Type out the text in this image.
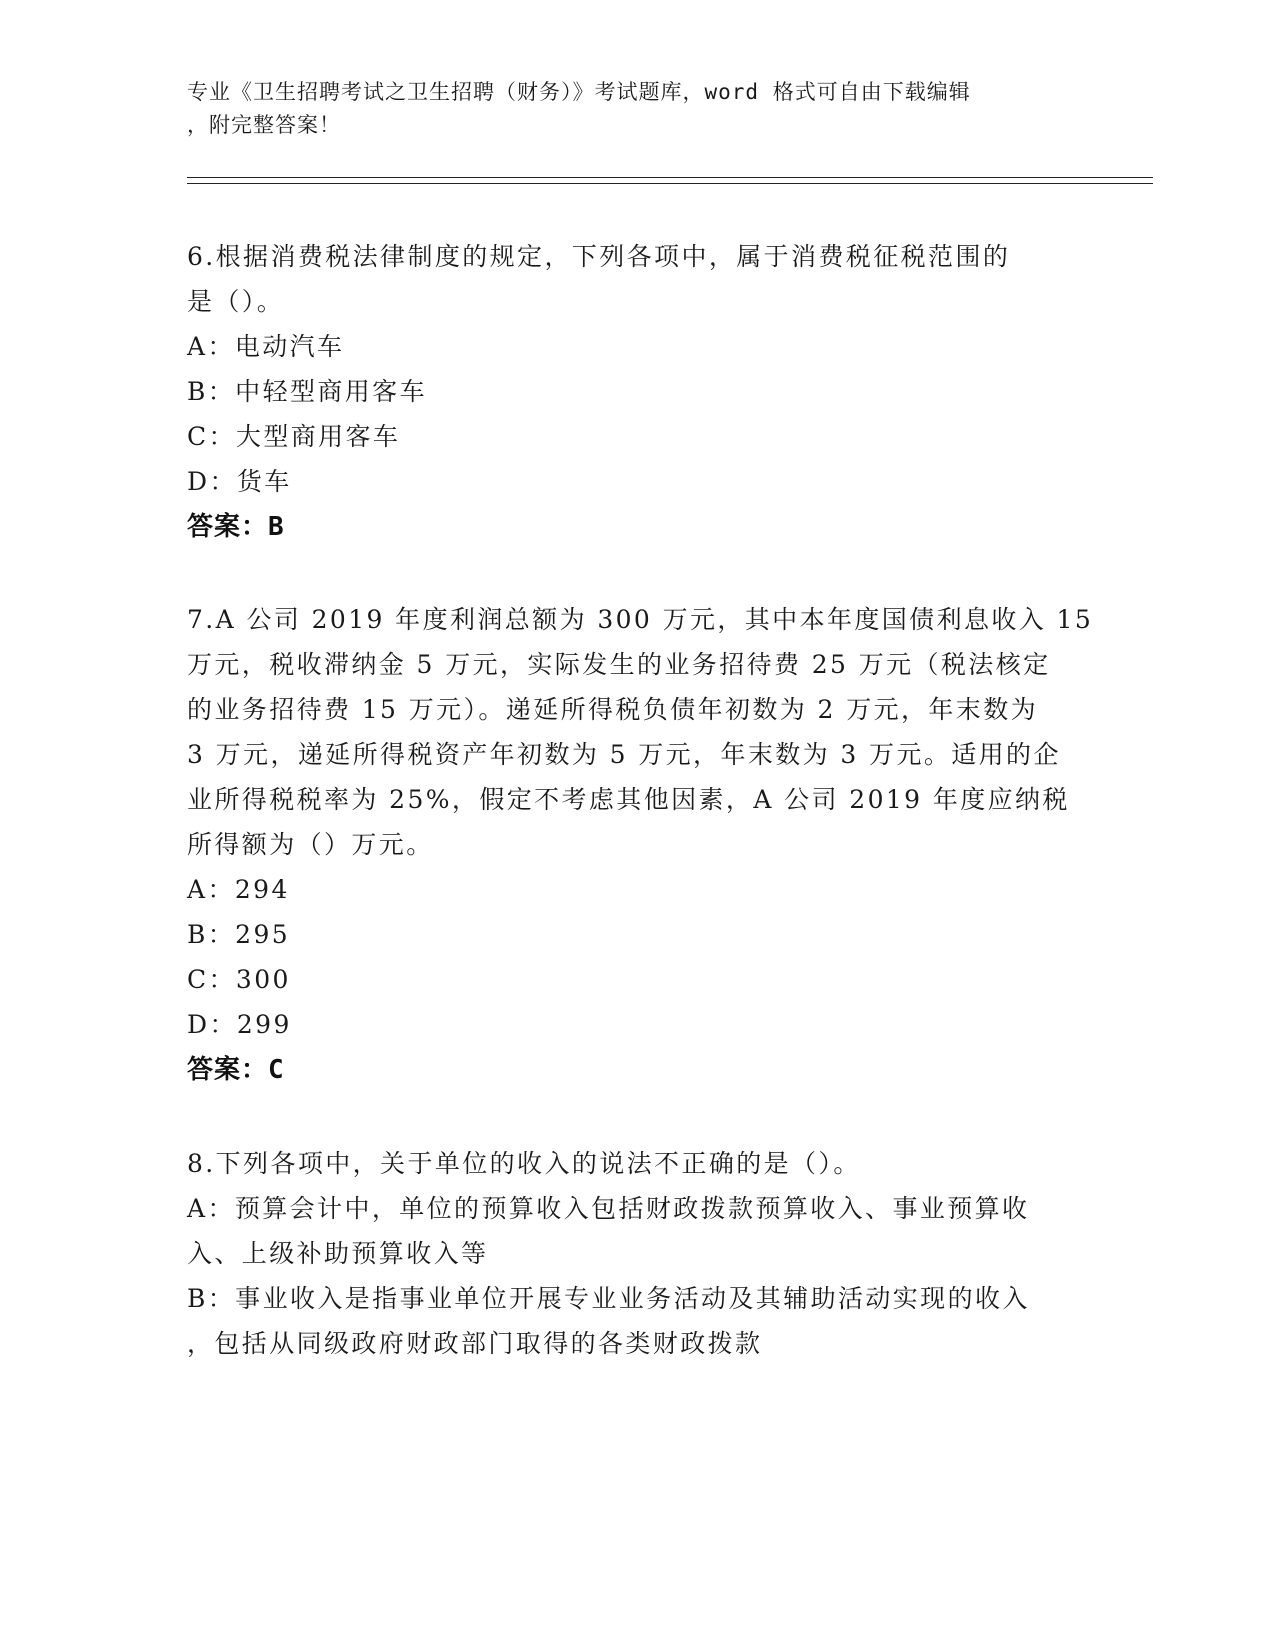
专业《卫生招聘考试之卫生招聘（财务）》考试题库，word 格式可自由下载编辑
，附完整答案！
6.根据消费税法律制度的规定，下列各项中，属于消费税征税范围的
是（）。
A：电动汽车
B：中轻型商用客车
C：大型商用客车
D：货车
答案：B
7.A 公司 2019 年度利润总额为 300 万元，其中本年度国债利息收入 15
万元，税收滞纳金 5 万元，实际发生的业务招待费 25 万元（税法核定
的业务招待费 15 万元）。递延所得税负债年初数为 2 万元，年末数为
3 万元，递延所得税资产年初数为 5 万元，年末数为 3 万元。适用的企
业所得税税率为 25%，假定不考虑其他因素，A 公司 2019 年度应纳税
所得额为（）万元。
A：294
B：295
C：300
D：299
答案：C
8.下列各项中，关于单位的收入的说法不正确的是（）。
A：预算会计中，单位的预算收入包括财政拨款预算收入、事业预算收
入、上级补助预算收入等
B：事业收入是指事业单位开展专业业务活动及其辅助活动实现的收入
，包括从同级政府财政部门取得的各类财政拨款
